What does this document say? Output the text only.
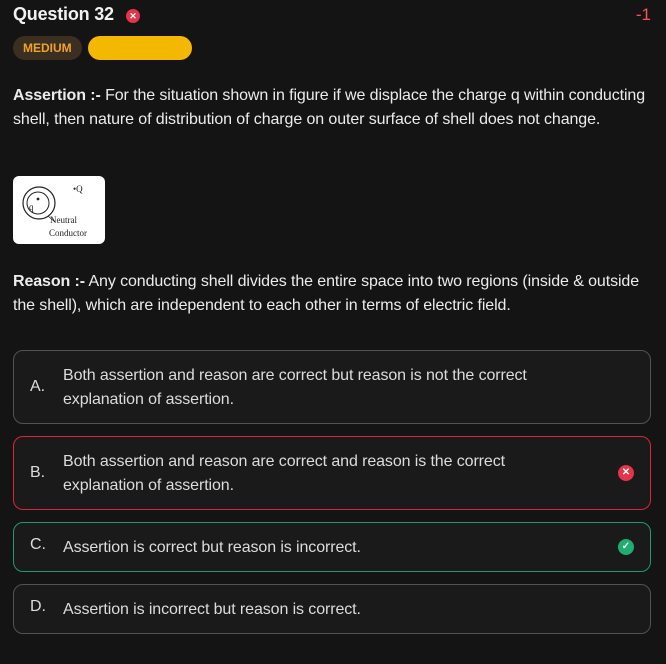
Question 32	✕	-1
MEDIUM CORRECTION
Assertion :- For the situation shown in figure if we displace the charge q within conducting shell, then nature of distribution of charge on outer surface of shell does not change.
q
•Q
Neutral
Conductor
Reason :- Any conducting shell divides the entire space into two regions (inside & outside the shell), which are independent to each other in terms of electric field.
A.
Both assertion and reason are correct but reason is not the correct explanation of assertion.
B.
Both assertion and reason are correct and reason is the correct explanation of assertion.
✕
C. Assertion is correct but reason is incorrect.	✓
D. Assertion is incorrect but reason is correct.
